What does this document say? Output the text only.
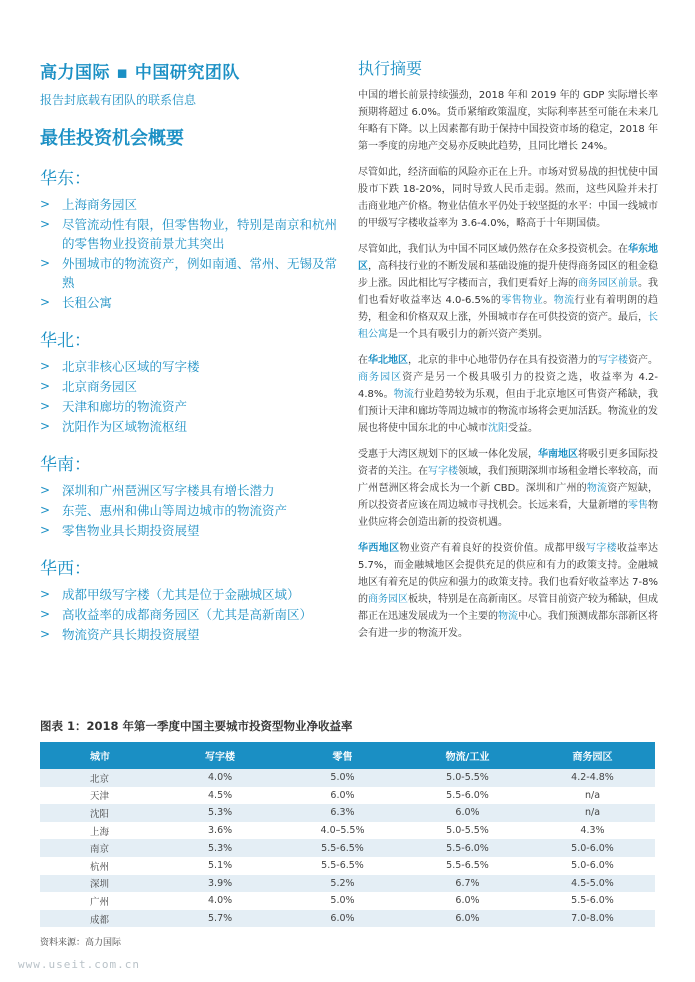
高力国际 ▪ 中国研究团队
报告封底载有团队的联系信息
最佳投资机会概要
华东：
> 上海商务园区
> 尽管流动性有限，但零售物业，特别是南京和杭州的零售物业投资前景尤其突出
> 外围城市的物流资产，例如南通、常州、无锡及常熟
> 长租公寓
华北：
> 北京非核心区域的写字楼
> 北京商务园区
> 天津和廊坊的物流资产
> 沈阳作为区域物流枢纽
华南：
> 深圳和广州琶洲区写字楼具有增长潜力
> 东莞、惠州和佛山等周边城市的物流资产
> 零售物业具长期投资展望
华西：
> 成都甲级写字楼（尤其是位于金融城区域）
> 高收益率的成都商务园区（尤其是高新南区）
> 物流资产具长期投资展望
执行摘要

中国的增长前景持续强劲，2018 年和 2019 年的 GDP 实际增长率预期将超过 6.0%。货币紧缩政策温度，实际利率甚至可能在未来几年略有下降。以上因素都有助于保持中国投资市场的稳定，2018 年第一季度的房地产交易亦反映此趋势，且同比增长 24%。

尽管如此，经济面临的风险亦正在上升。市场对贸易战的担忧使中国股市下跌 18-20%，同时导致人民币走弱。然而，这些风险并未打击商业地产价格。物业估值水平仍处于较坚挺的水平：中国一线城市的甲级写字楼收益率为 3.6-4.0%，略高于十年期国债。

尽管如此，我们认为中国不同区域仍然存在众多投资机会。在华东地区，高科技行业的不断发展和基础设施的提升使得商务园区的租金稳步上涨。因此相比写字楼而言，我们更看好上海的商务园区前景。我们也看好收益率达 4.0-6.5%的零售物业。物流行业有着明朗的趋势，租金和价格双双上涨，外围城市存在可供投资的资产。最后，长租公寓是一个具有吸引力的新兴资产类别。

在华北地区，北京的非中心地带仍存在具有投资潜力的写字楼资产。商务园区资产是另一个极具吸引力的投资之选，收益率为 4.2-4.8%。物流行业趋势较为乐观，但由于北京地区可售资产稀缺，我们预计天津和廊坊等周边城市的物流市场将会更加活跃。物流业的发展也将使中国东北的中心城市沈阳受益。

受惠于大湾区规划下的区域一体化发展，华南地区将吸引更多国际投资者的关注。在写字楼领域，我们预期深圳市场租金增长率较高，而广州琶洲区将会成长为一个新 CBD。深圳和广州的物流资产短缺，所以投资者应该在周边城市寻找机会。长远来看，大量新增的零售物业供应将会创造出新的投资机遇。

华西地区物业资产有着良好的投资价值。成都甲级写字楼收益率达 5.7%，而金融城地区会提供充足的供应和有力的政策支持。金融城地区有着充足的供应和强力的政策支持。我们也看好收益率达 7-8%的商务园区板块，特别是在高新南区。尽管目前资产较为稀缺，但成都正在迅速发展成为一个主要的物流中心。我们预测成都东部新区将会有进一步的物流开发。

图表 1：2018 年第一季度中国主要城市投资型物业净收益率
城市	写字楼	零售	物流/工业	商务园区
北京	4.0%	5.0%	5.0-5.5%	4.2-4.8%
天津	4.5%	6.0%	5.5-6.0%	n/a
沈阳	5.3%	6.3%	6.0%	n/a
上海	3.6%	4.0–5.5%	5.0-5.5%	4.3%
南京	5.3%	5.5-6.5%	5.5-6.0%	5.0-6.0%
杭州	5.1%	5.5-6.5%	5.5-6.5%	5.0-6.0%
深圳	3.9%	5.2%	6.7%	4.5-5.0%
广州	4.0%	5.0%	6.0%	5.5-6.0%
成都	5.7%	6.0%	6.0%	7.0-8.0%
资料来源：高力国际
www.useit.com.cn
